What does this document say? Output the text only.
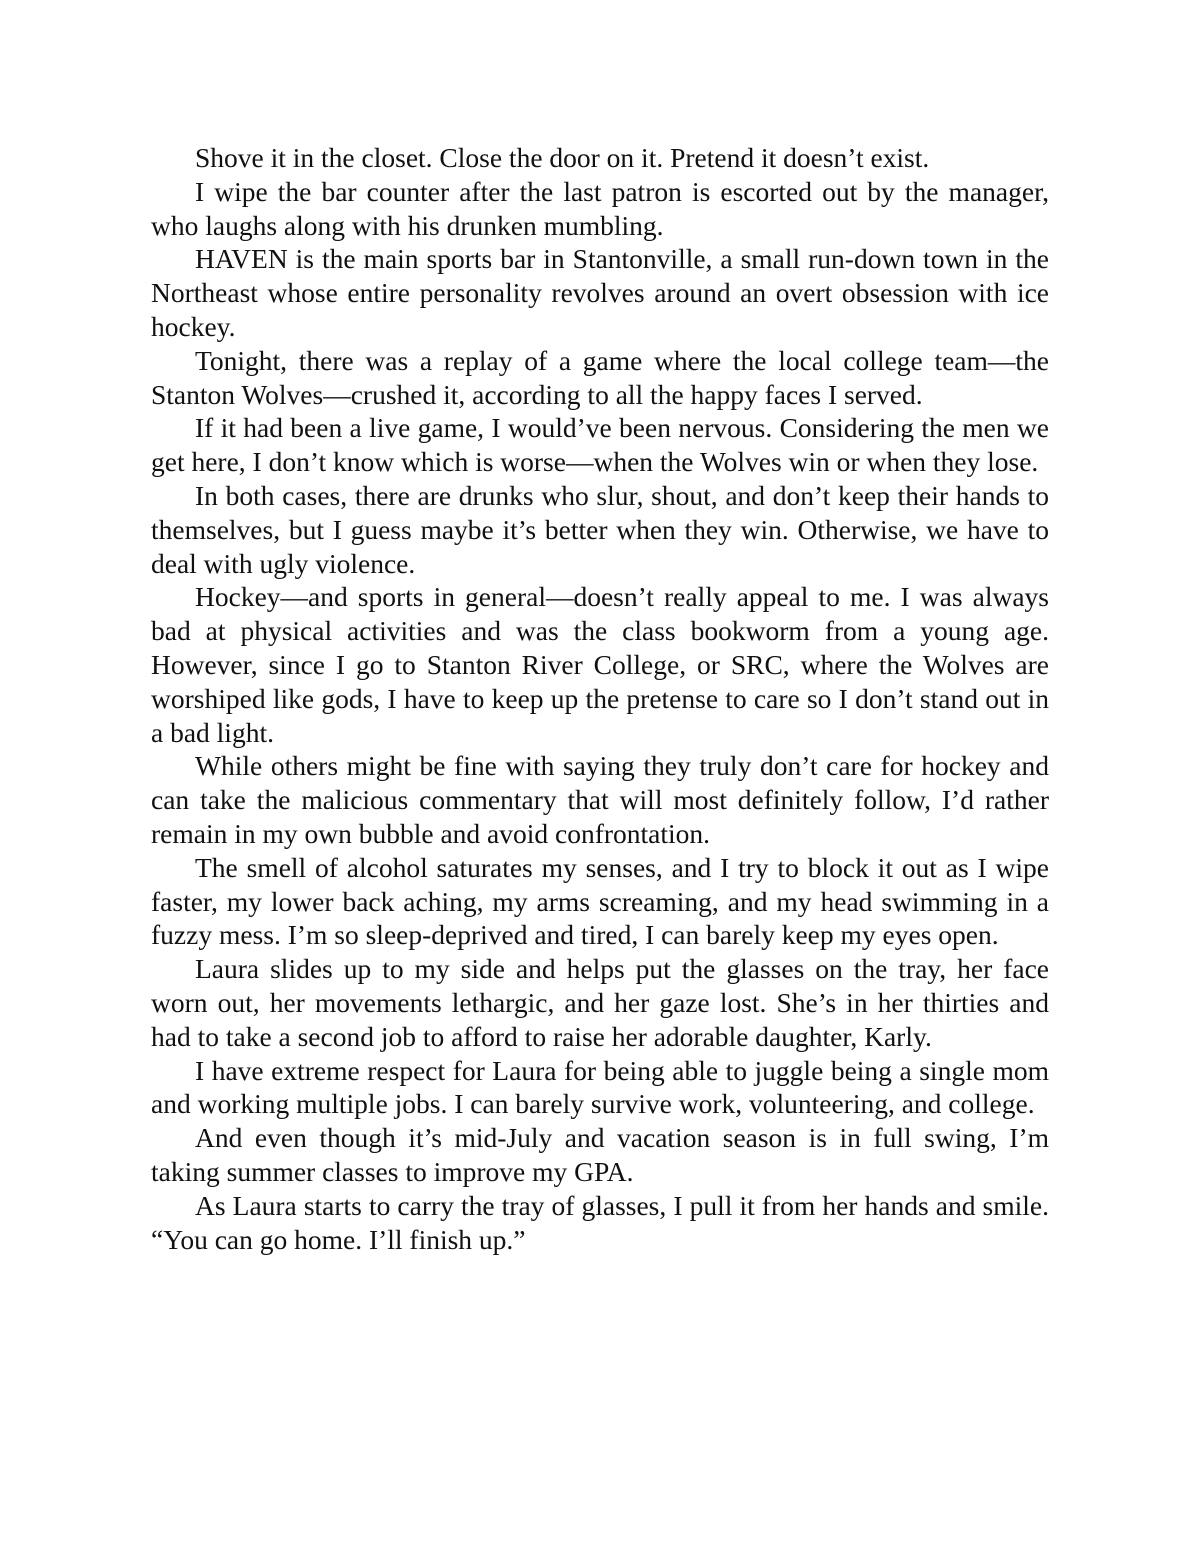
Shove it in the closet. Close the door on it. Pretend it doesn’t exist.

I wipe the bar counter after the last patron is escorted out by the manager, who laughs along with his drunken mumbling.

HAVEN is the main sports bar in Stantonville, a small run-down town in the Northeast whose entire personality revolves around an overt obsession with ice hockey.

Tonight, there was a replay of a game where the local college team—the Stanton Wolves—crushed it, according to all the happy faces I served.

If it had been a live game, I would’ve been nervous. Considering the men we get here, I don’t know which is worse—when the Wolves win or when they lose.

In both cases, there are drunks who slur, shout, and don’t keep their hands to themselves, but I guess maybe it’s better when they win. Otherwise, we have to deal with ugly violence.

Hockey—and sports in general—doesn’t really appeal to me. I was always bad at physical activities and was the class bookworm from a young age. However, since I go to Stanton River College, or SRC, where the Wolves are worshiped like gods, I have to keep up the pretense to care so I don’t stand out in a bad light.

While others might be fine with saying they truly don’t care for hockey and can take the malicious commentary that will most definitely follow, I’d rather remain in my own bubble and avoid confrontation.

The smell of alcohol saturates my senses, and I try to block it out as I wipe faster, my lower back aching, my arms screaming, and my head swimming in a fuzzy mess. I’m so sleep-deprived and tired, I can barely keep my eyes open.

Laura slides up to my side and helps put the glasses on the tray, her face worn out, her movements lethargic, and her gaze lost. She’s in her thirties and had to take a second job to afford to raise her adorable daughter, Karly.

I have extreme respect for Laura for being able to juggle being a single mom and working multiple jobs. I can barely survive work, volunteering, and college.

And even though it’s mid-July and vacation season is in full swing, I’m taking summer classes to improve my GPA.

As Laura starts to carry the tray of glasses, I pull it from her hands and smile. “You can go home. I’ll finish up.”
